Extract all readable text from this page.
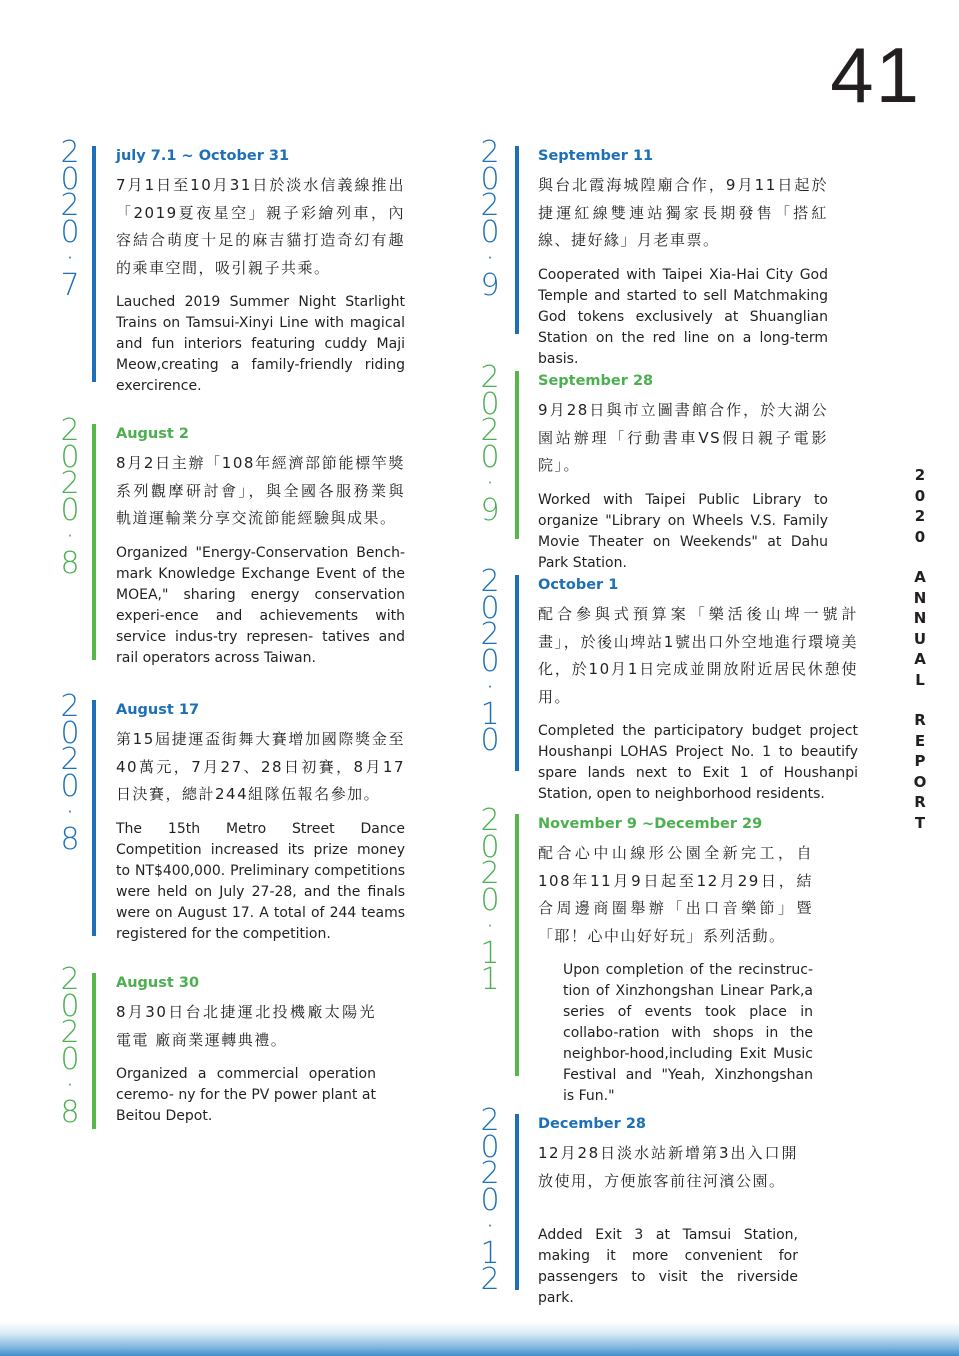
41
2
0
2
0
A
N
N
U
A
L
R
E
P
O
R
T
2
0
2
0
·
7

july 7.1 ~ October 31

7月1日至10月31日於淡水信義線推出「2019夏夜星空」親子彩繪列車，內容結合萌度十足的麻吉貓打造奇幻有趣的乘車空間，吸引親子共乘。

Lauched 2019 Summer Night Starlight Trains on Tamsui-Xinyi Line with magical and fun interiors featuring cuddy Maji Meow,creating a family-friendly riding exercirence.

2
0
2
0
·
8

August 2

8月2日主辦「108年經濟部節能標竿獎系列觀摩研討會」，與全國各服務業與軌道運輸業分享交流節能經驗與成果。

Organized "Energy-Conservation Bench-mark Knowledge Exchange Event of the MOEA," sharing energy conservation experi-ence and achievements with service indus-try represen- tatives and rail operators across Taiwan.

2
0
2
0
·
8

August 17

第15屆捷運盃街舞大賽增加國際獎金至40萬元，7月27、28日初賽，8月17日決賽，總計244組隊伍報名參加。

The 15th Metro Street Dance Competition increased its prize money to NT$400,000. Preliminary competitions were held on July 27-28, and the finals were on August 17. A total of 244 teams registered for the competition.

2
0
2
0
·
8

August 30

8月30日台北捷運北投機廠太陽光電電 廠商業運轉典禮。

Organized a commercial operation ceremo- ny for the PV power plant at Beitou Depot.

2
0
2
0
·
9

September 11

與台北霞海城隍廟合作，9月11日起於捷運紅線雙連站獨家長期發售「搭紅線、捷好緣」月老車票。

Cooperated with Taipei Xia-Hai City God Temple and started to sell Matchmaking God tokens exclusively at Shuanglian Station on the red line on a long-term basis.

2
0
2
0
·
9

September 28

9月28日與市立圖書館合作，於大湖公園站辦理「行動書車VS假日親子電影院」。

Worked with Taipei Public Library to organize "Library on Wheels V.S. Family Movie Theater on Weekends" at Dahu Park Station.

2
0
2
0
·
1
0

October 1

配合參與式預算案「樂活後山埤一號計 畫」，於後山埤站1號出口外空地進行環境美化，於10月1日完成並開放附近居民休憩使用。

Completed the participatory budget project Houshanpi LOHAS Project No. 1 to beautify spare lands next to Exit 1 of Houshanpi Station, open to neighborhood residents.

2
0
2
0
·
1
1

November 9 ~December 29

配合心中山線形公園全新完工，自108年11月9日起至12月29日，結合周邊商圈舉辦「出口音樂節」暨「耶！心中山好好玩」系列活動。

Upon completion of the recinstruc-tion of Xinzhongshan Linear Park,a series of events took place in collabo-ration with shops in the neighbor-hood,including Exit Music Festival and "Yeah, Xinzhongshan is Fun."

2
0
2
0
·
1
2

December 28

12月28日淡水站新增第3出入口開放使用，方便旅客前往河濱公園。

Added Exit 3 at Tamsui Station, making it more convenient for passengers to visit the riverside park.
